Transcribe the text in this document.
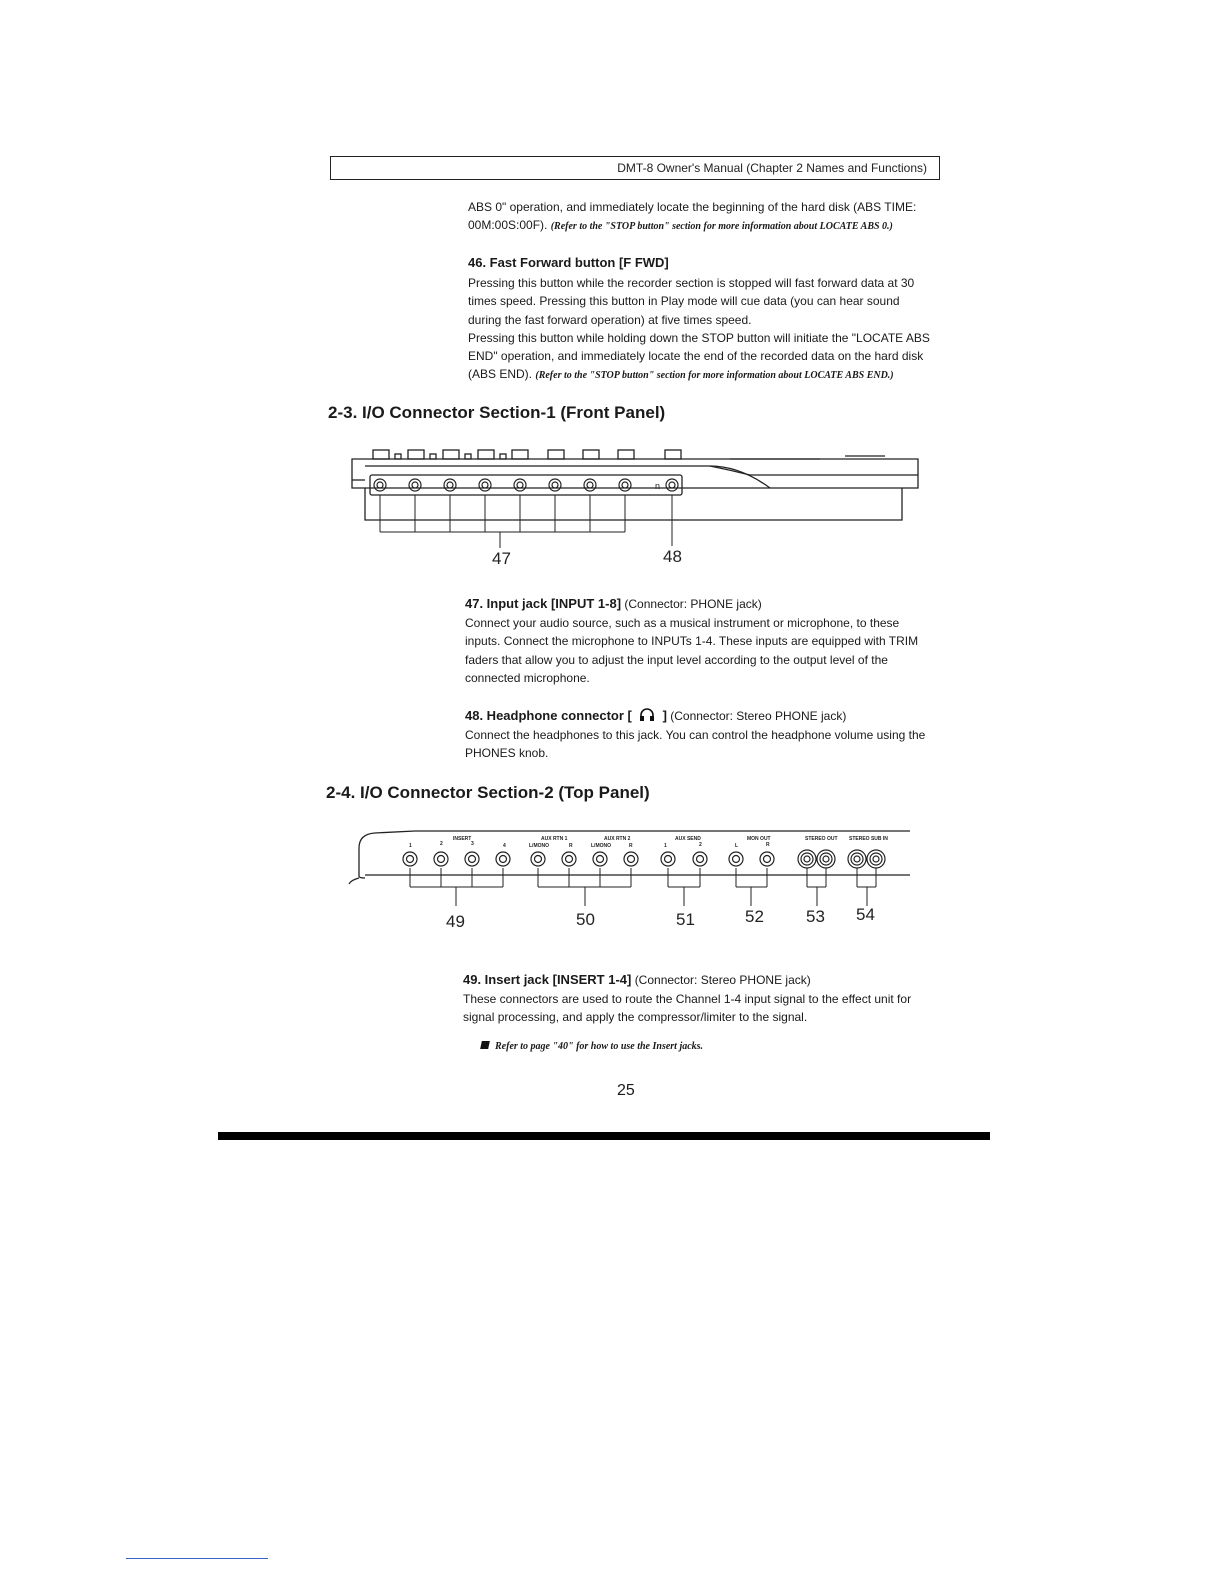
DMT-8 Owner's Manual (Chapter 2 Names and Functions)

ABS 0" operation, and immediately locate the beginning of the hard disk (ABS TIME:

00M:00S:00F). (Refer to the "STOP button" section for more information about LOCATE ABS 0.)

46. Fast Forward button [F FWD]

Pressing this button while the recorder section is stopped will fast forward data at 30

times speed. Pressing this button in Play mode will cue data (you can hear sound

during the fast forward operation) at five times speed.

Pressing this button while holding down the STOP button will initiate the "LOCATE ABS

END" operation, and immediately locate the end of the recorded data on the hard disk

(ABS END). (Refer to the "STOP button" section for more information about LOCATE ABS END.)

2-3. I/O Connector Section-1 (Front Panel)
n
47	48
47. Input jack [INPUT 1-8] (Connector: PHONE jack)

Connect your audio source, such as a musical instrument or microphone, to these

inputs. Connect the microphone to INPUTs 1-4. These inputs are equipped with TRIM

faders that allow you to adjust the input level according to the output level of the

connected microphone.

48. Headphone connector [ ] (Connector: Stereo PHONE jack)

Connect the headphones to this jack. You can control the headphone volume using the

PHONES knob.

2-4. I/O Connector Section-2 (Top Panel)
INSERT	AUX RTN 1	AUX RTN 2	AUX SEND	MON OUT	STEREO OUT STEREO SUB IN
L/MONO	L/MONO
R	R
1	2	3	4	1	2	L	R
49	50	51	52 53 54
49. Insert jack [INSERT 1-4] (Connector: Stereo PHONE jack)

These connectors are used to route the Channel 1-4 input signal to the effect unit for

signal processing, and apply the compressor/limiter to the signal.

Refer to page "40" for how to use the Insert jacks.
25
